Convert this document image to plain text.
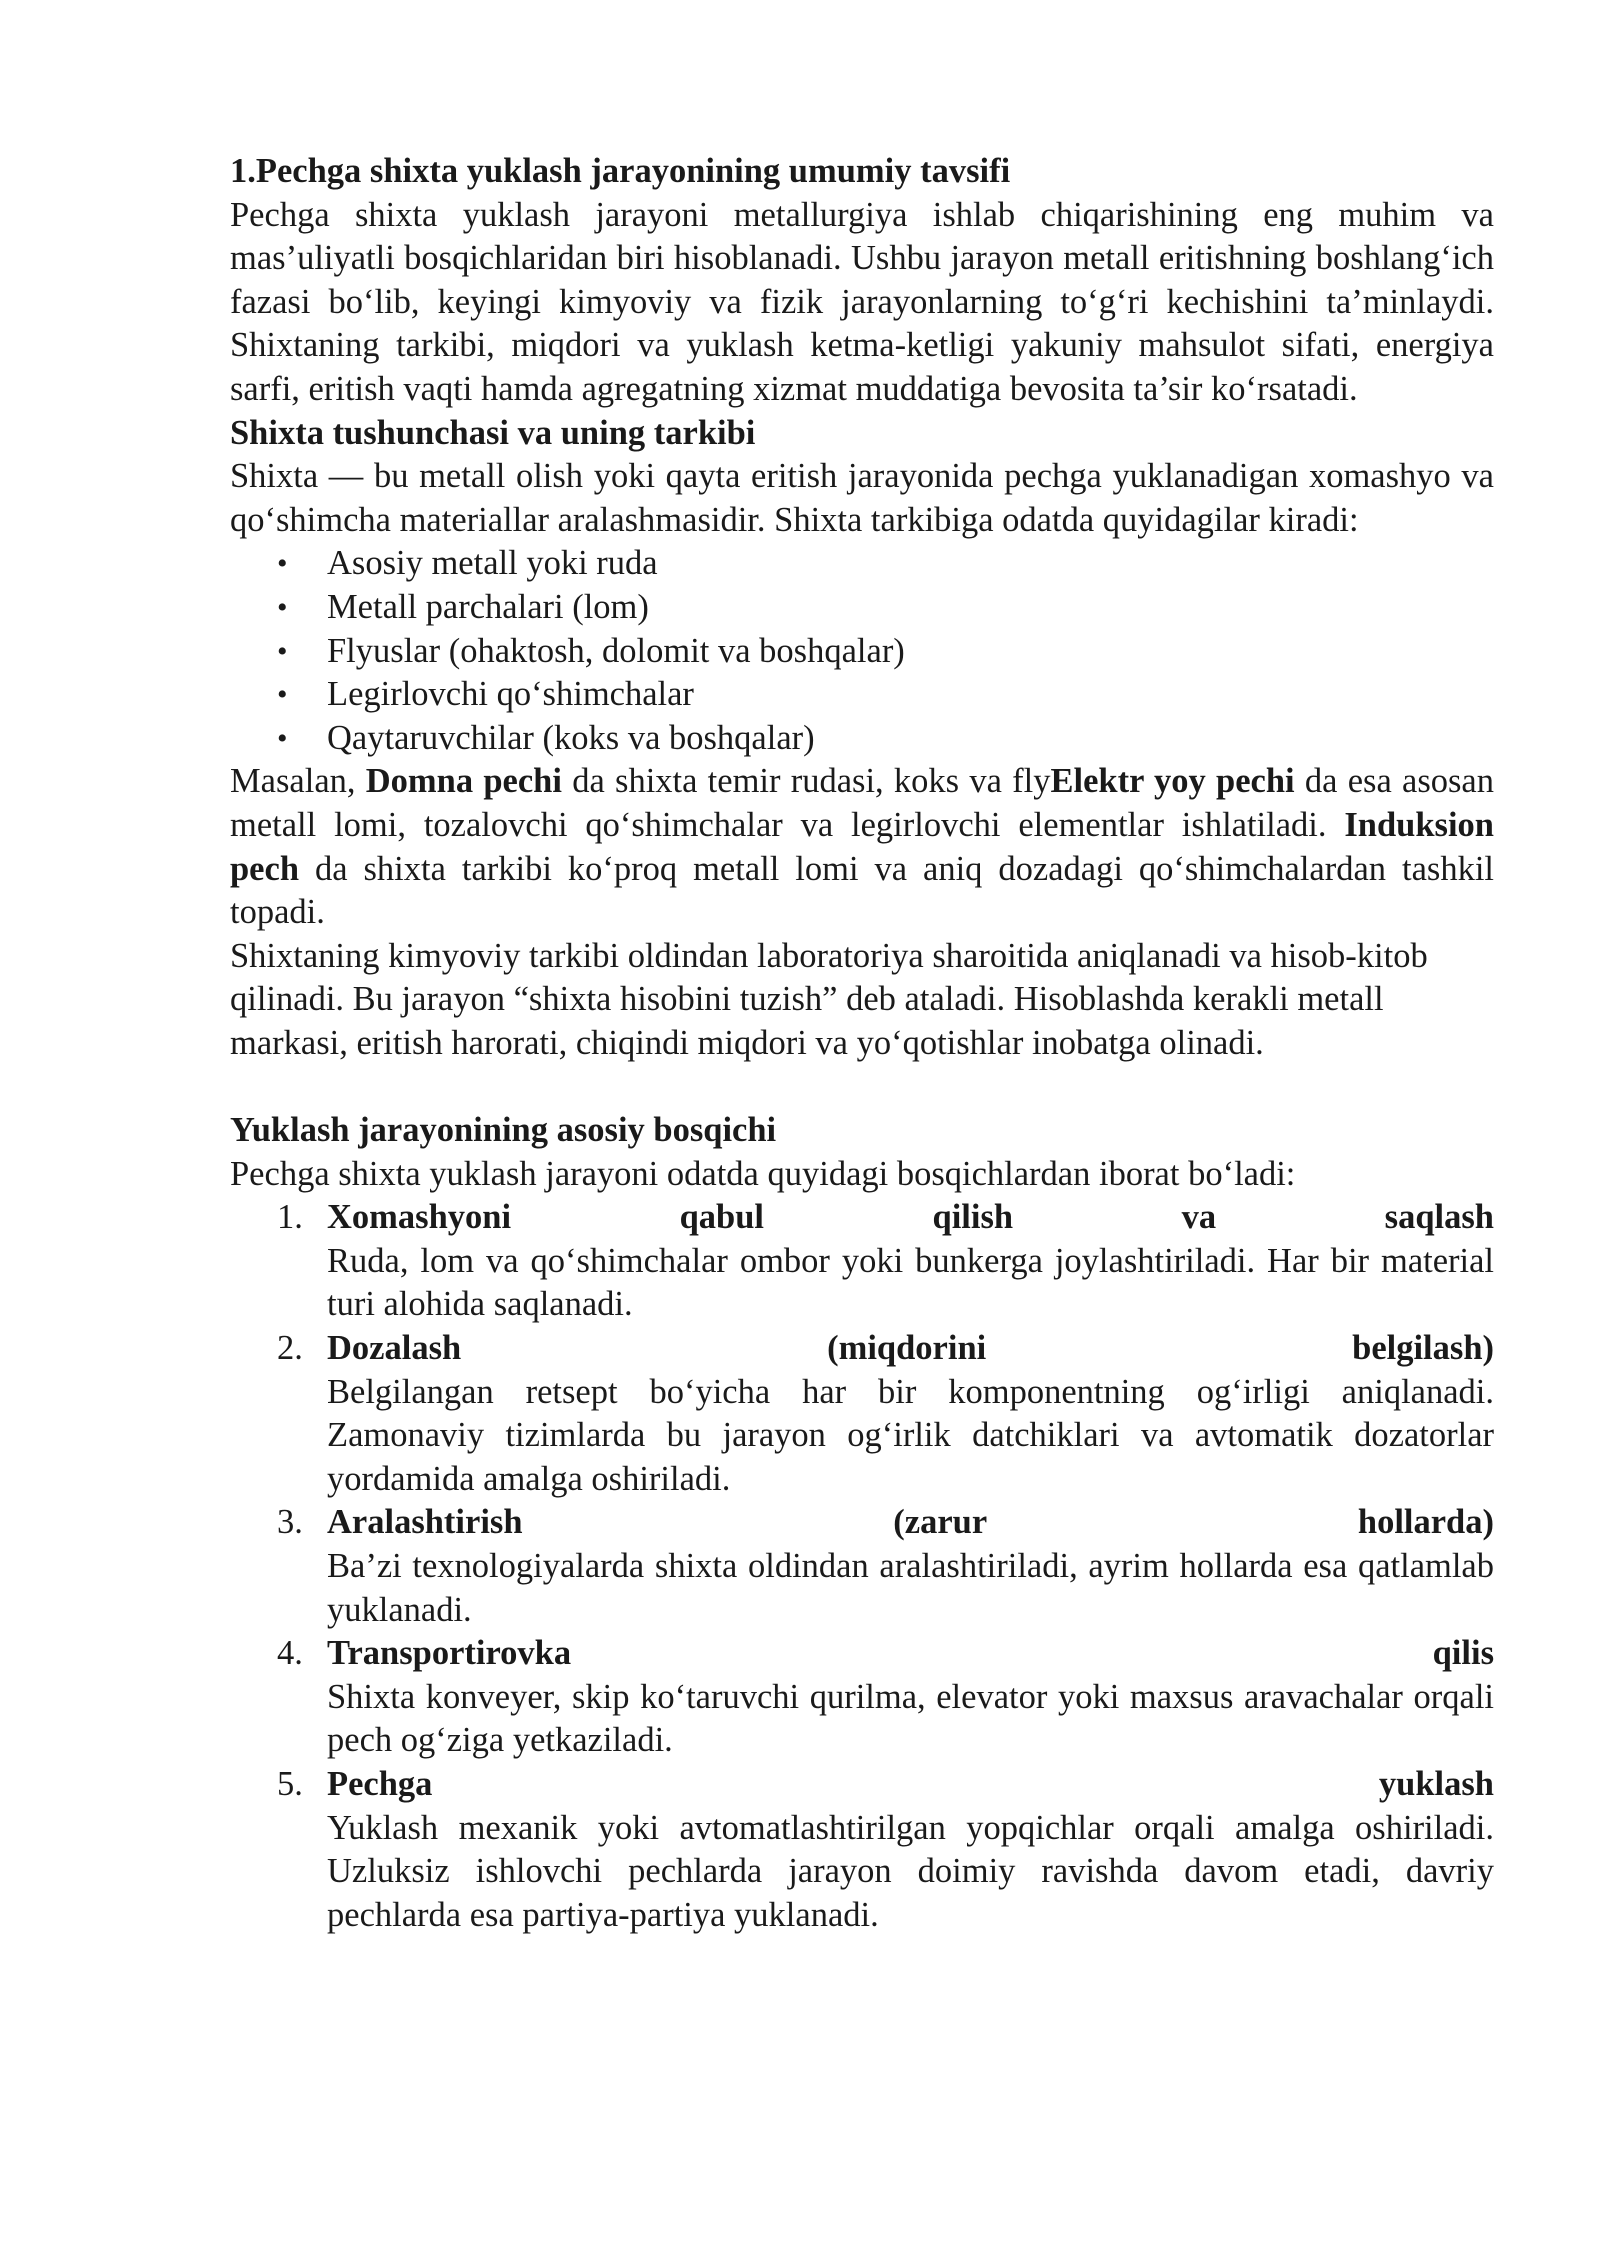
1.Pechga shixta yuklash jarayonining umumiy tavsifi

Pechga shixta yuklash jarayoni metallurgiya ishlab chiqarishining eng muhim va mas’uliyatli bosqichlaridan biri hisoblanadi. Ushbu jarayon metall eritishning boshlang‘ich fazasi bo‘lib, keyingi kimyoviy va fizik jarayonlarning to‘g‘ri kechishini ta’minlaydi. Shixtaning tarkibi, miqdori va yuklash ketma-ketligi yakuniy mahsulot sifati, energiya sarfi, eritish vaqti hamda agregatning xizmat muddatiga bevosita ta’sir ko‘rsatadi.

Shixta tushunchasi va uning tarkibi

Shixta — bu metall olish yoki qayta eritish jarayonida pechga yuklanadigan xomashyo va qo‘shimcha materiallar aralashmasidir. Shixta tarkibiga odatda quyidagilar kiradi:

• Asosiy metall yoki ruda
• Metall parchalari (lom)
• Flyuslar (ohaktosh, dolomit va boshqalar)
• Legirlovchi qo‘shimchalar
• Qaytaruvchilar (koks va boshqalar)

Masalan, Domna pechi da shixta temir rudasi, koks va flyElektr yoy pechi da esa asosan metall lomi, tozalovchi qo‘shimchalar va legirlovchi elementlar ishlatiladi. Induksion pech da shixta tarkibi ko‘proq metall lomi va aniq dozadagi qo‘shimchalardan tashkil topadi.

Shixtaning kimyoviy tarkibi oldindan laboratoriya sharoitida aniqlanadi va hisob-kitob qilinadi. Bu jarayon “shixta hisobini tuzish” deb ataladi. Hisoblashda kerakli metall markasi, eritish harorati, chiqindi miqdori va yo‘qotishlar inobatga olinadi.

Yuklash jarayonining asosiy bosqichi

Pechga shixta yuklash jarayoni odatda quyidagi bosqichlardan iborat bo‘ladi:

1. Xomashyoni	qabul	qilish	va	saqlash
Ruda, lom va qo‘shimchalar ombor yoki bunkerga joylashtiriladi. Har bir material turi alohida saqlanadi.
2. Dozalash	(miqdorini	belgilash)
Belgilangan retsept bo‘yicha har bir komponentning og‘irligi aniqlanadi. Zamonaviy tizimlarda bu jarayon og‘irlik datchiklari va avtomatik dozatorlar yordamida amalga oshiriladi.
3. Aralashtirish	(zarur	hollarda)
Ba’zi texnologiyalarda shixta oldindan aralashtiriladi, ayrim hollarda esa qatlamlab yuklanadi.
4. Transportirovka	qilis
Shixta konveyer, skip ko‘taruvchi qurilma, elevator yoki maxsus aravachalar orqali pech og‘ziga yetkaziladi.
5. Pechga	yuklash
Yuklash mexanik yoki avtomatlashtirilgan yopqichlar orqali amalga oshiriladi. Uzluksiz ishlovchi pechlarda jarayon doimiy ravishda davom etadi, davriy pechlarda esa partiya-partiya yuklanadi.
